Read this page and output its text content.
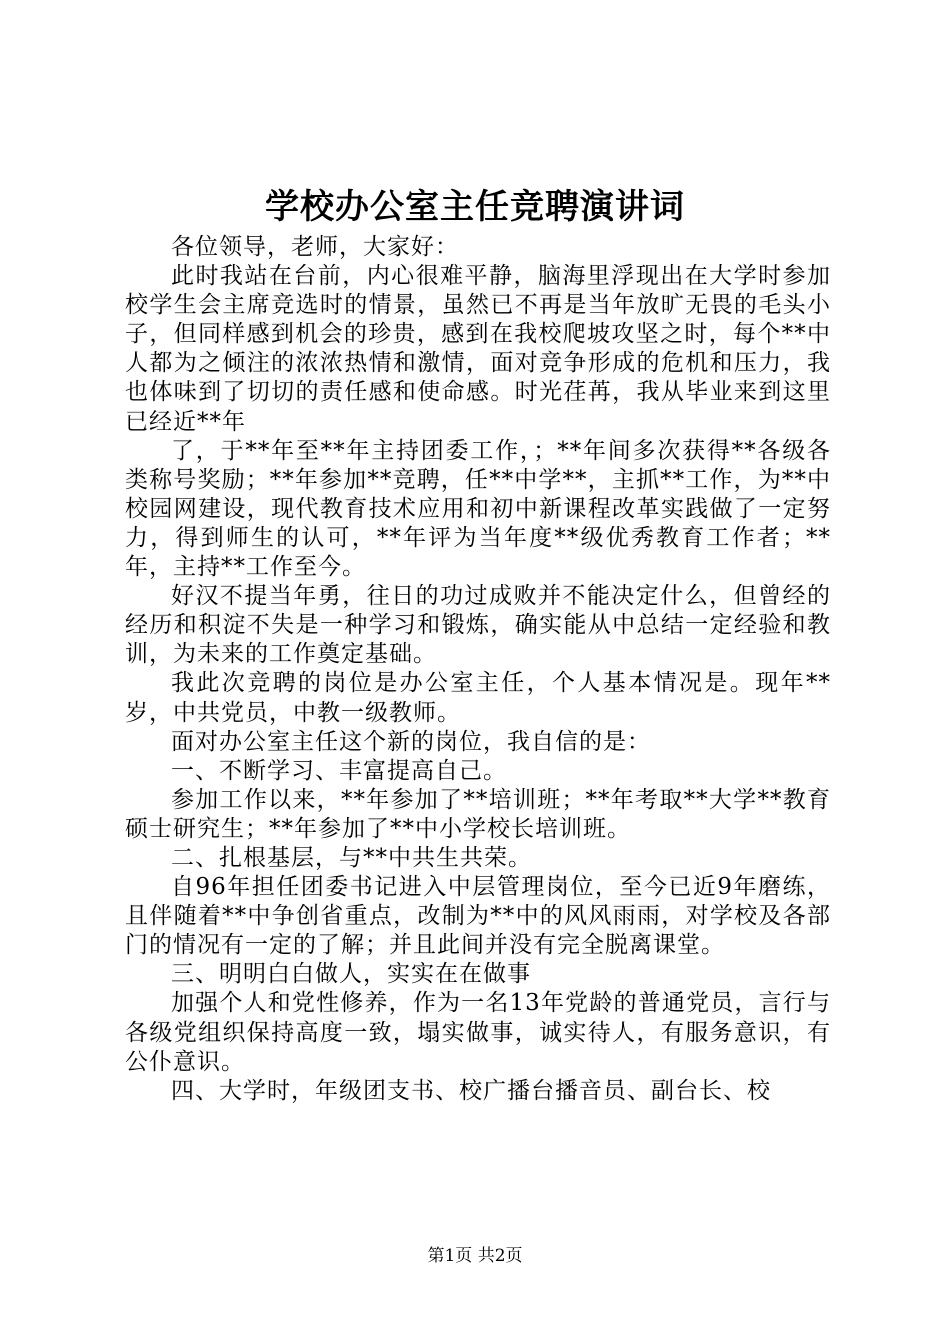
学校办公室主任竞聘演讲词

各位领导，老师，大家好：

此时我站在台前，内心很难平静，脑海里浮现出在大学时参加校学生会主席竞选时的情景，虽然已不再是当年放旷无畏的毛头小子，但同样感到机会的珍贵，感到在我校爬坡攻坚之时，每个**中人都为之倾注的浓浓热情和激情，面对竞争形成的危机和压力，我也体味到了切切的责任感和使命感。时光荏苒，我从毕业来到这里已经近**年

了，于**年至**年主持团委工作，；**年间多次获得**各级各类称号奖励；**年参加**竞聘，任**中学**，主抓**工作，为**中校园网建设，现代教育技术应用和初中新课程改革实践做了一定努力，得到师生的认可，**年评为当年度**级优秀教育工作者；**年，主持**工作至今。

好汉不提当年勇，往日的功过成败并不能决定什么，但曾经的经历和积淀不失是一种学习和锻炼，确实能从中总结一定经验和教训，为未来的工作奠定基础。

我此次竞聘的岗位是办公室主任，个人基本情况是。现年**岁，中共党员，中教一级教师。

面对办公室主任这个新的岗位，我自信的是：

一、不断学习、丰富提高自己。

参加工作以来，**年参加了**培训班；**年考取**大学**教育硕士研究生；**年参加了**中小学校长培训班。

二、扎根基层，与**中共生共荣。

自96年担任团委书记进入中层管理岗位，至今已近9年磨练，且伴随着**中争创省重点，改制为**中的风风雨雨，对学校及各部门的情况有一定的了解；并且此间并没有完全脱离课堂。

三、明明白白做人，实实在在做事

加强个人和党性修养，作为一名13年党龄的普通党员，言行与各级党组织保持高度一致，塌实做事，诚实待人，有服务意识，有公仆意识。

四、大学时，年级团支书、校广播台播音员、副台长、校

第1页 共2页
